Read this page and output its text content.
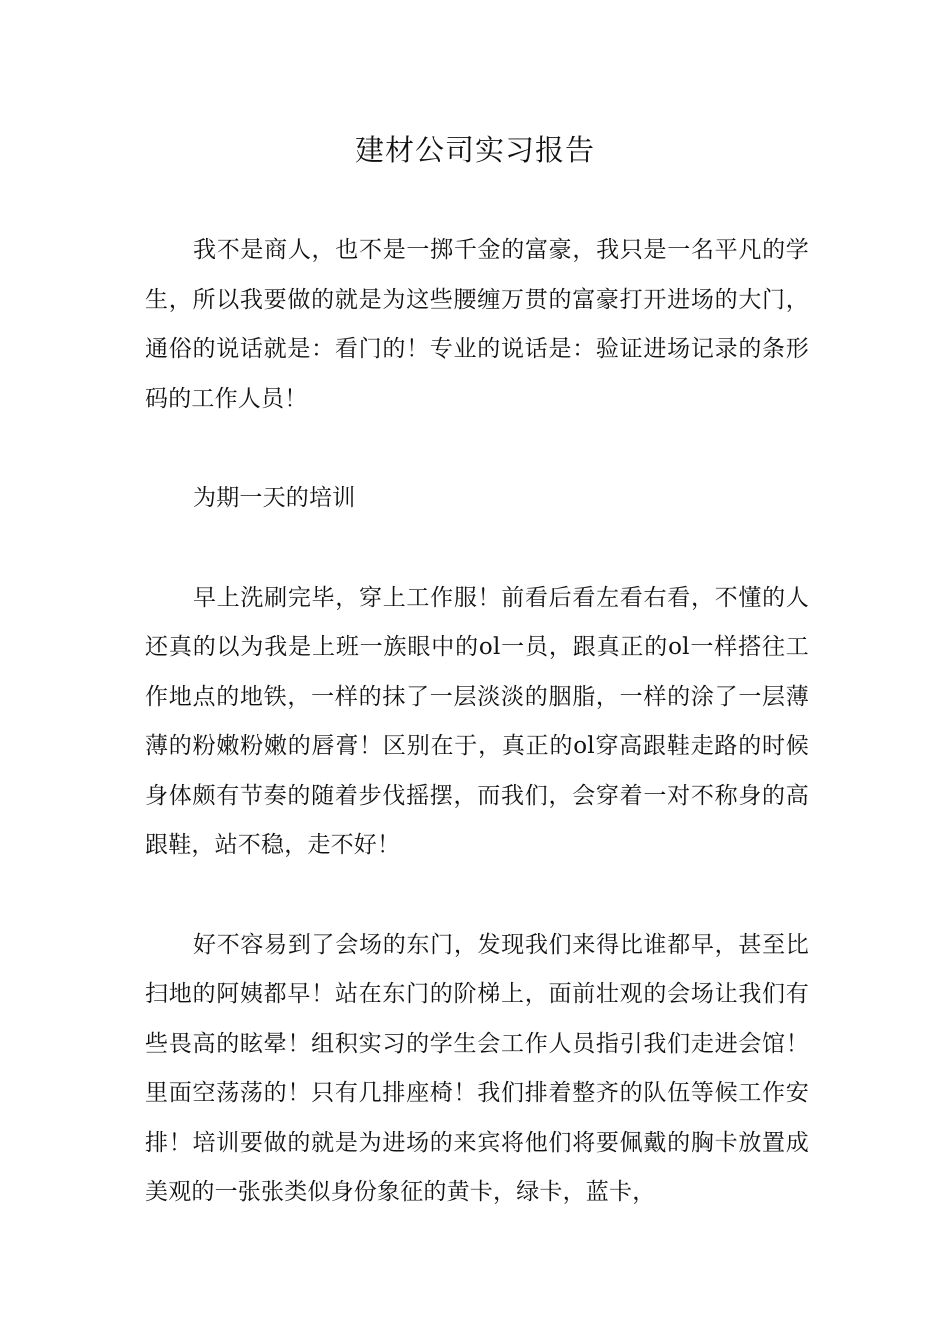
建材公司实习报告

我不是商人，也不是一掷千金的富豪，我只是一名平凡的学生，所以我要做的就是为这些腰缠万贯的富豪打开进场的大门，通俗的说话就是：看门的！专业的说话是：验证进场记录的条形码的工作人员！

为期一天的培训

早上洗刷完毕，穿上工作服！前看后看左看右看，不懂的人还真的以为我是上班一族眼中的ol一员，跟真正的ol一样搭往工作地点的地铁，一样的抹了一层淡淡的胭脂，一样的涂了一层薄薄的粉嫩粉嫩的唇膏！区别在于，真正的ol穿高跟鞋走路的时候身体颇有节奏的随着步伐摇摆，而我们，会穿着一对不称身的高跟鞋，站不稳，走不好！

好不容易到了会场的东门，发现我们来得比谁都早，甚至比扫地的阿姨都早！站在东门的阶梯上，面前壮观的会场让我们有些畏高的眩晕！组积实习的学生会工作人员指引我们走进会馆！里面空荡荡的！只有几排座椅！我们排着整齐的队伍等候工作安排！培训要做的就是为进场的来宾将他们将要佩戴的胸卡放置成美观的一张张类似身份象征的黄卡，绿卡，蓝卡，
